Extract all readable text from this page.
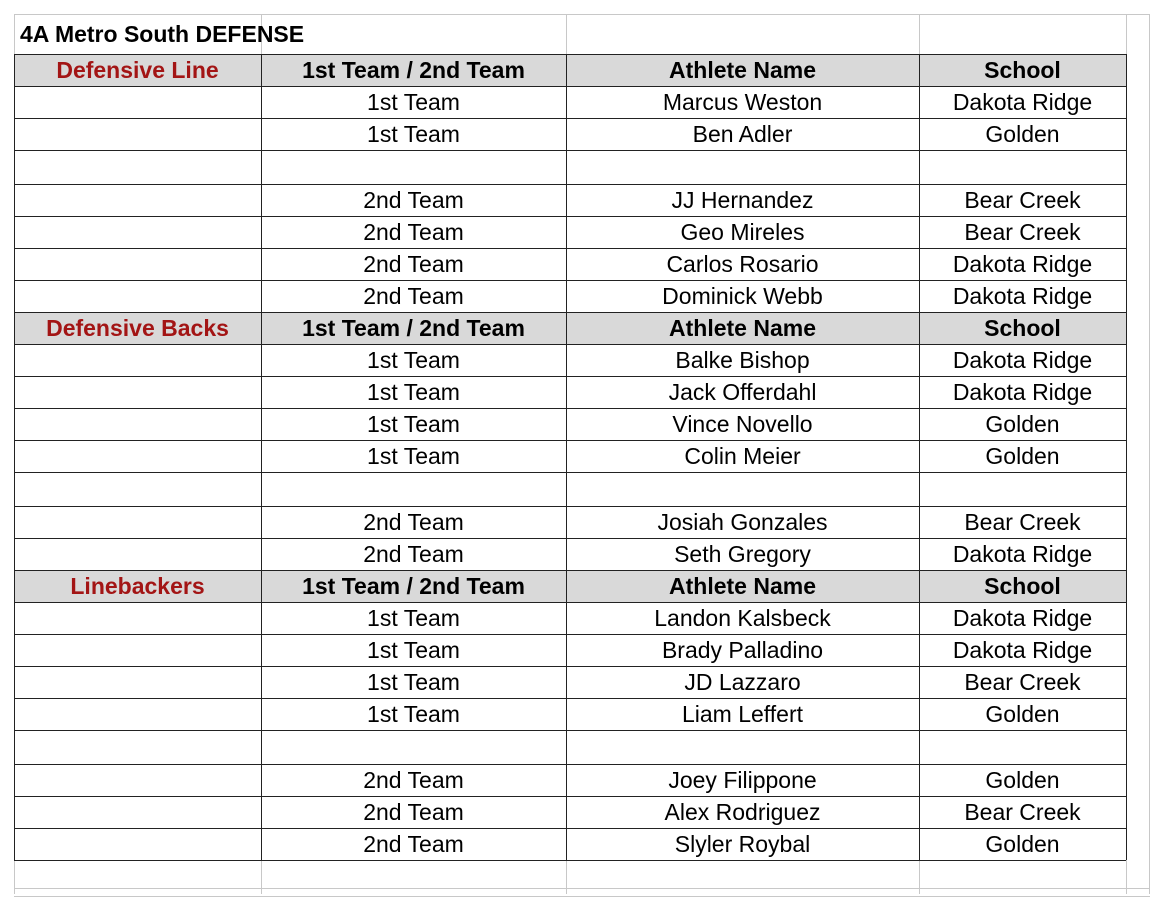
4A Metro South DEFENSE
Defensive Line	1st Team / 2nd Team	Athlete Name	School
1st Team	Marcus Weston	Dakota Ridge
1st Team	Ben Adler	Golden
2nd Team	JJ Hernandez	Bear Creek
2nd Team	Geo Mireles	Bear Creek
2nd Team	Carlos Rosario	Dakota Ridge
2nd Team	Dominick Webb	Dakota Ridge
Defensive Backs	1st Team / 2nd Team	Athlete Name	School
1st Team	Balke Bishop	Dakota Ridge
1st Team	Jack Offerdahl	Dakota Ridge
1st Team	Vince Novello	Golden
1st Team	Colin Meier	Golden
2nd Team	Josiah Gonzales	Bear Creek
2nd Team	Seth Gregory	Dakota Ridge
Linebackers	1st Team / 2nd Team	Athlete Name	School
1st Team	Landon Kalsbeck	Dakota Ridge
1st Team	Brady Palladino	Dakota Ridge
1st Team	JD Lazzaro	Bear Creek
1st Team	Liam Leffert	Golden
2nd Team	Joey Filippone	Golden
2nd Team	Alex Rodriguez	Bear Creek
2nd Team	Slyler Roybal	Golden
